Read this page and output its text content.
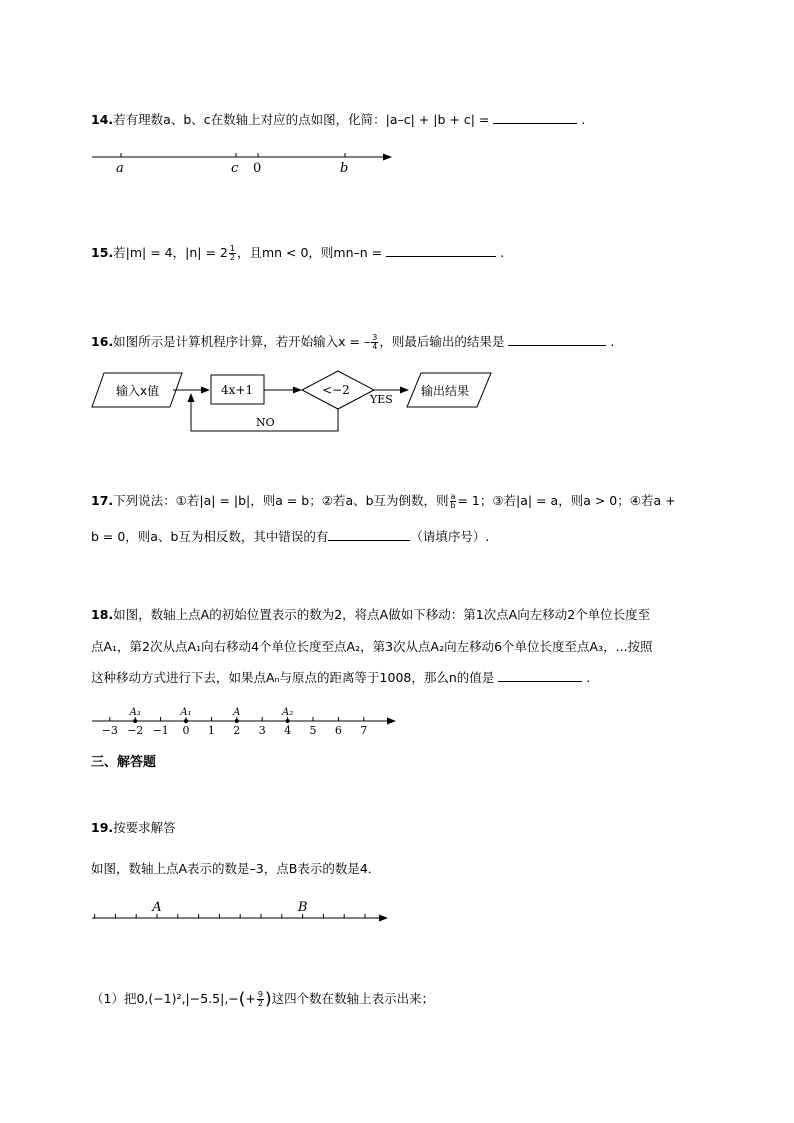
14.若有理数a、b、c在数轴上对应的点如图，化简：|a–c| + |b + c| =	.
a	c 0	b
15.若|m| = 4，$|n| = 2 \frac{1}{2}$ ，且mn < 0，则mn–n =	.
16.如图所示是计算机程序计算，若开始输入x = – $\frac{3}{4}$ ，则最后输出的结果是	.
输入x值	4x+1	<−2
YES
输出结果
NO
17.下列说法：①若|a| = |b|，则a = b；②若a、b互为倒数，则 $\frac{a}{b} = 1$；③若|a| = a，则a > 0；④若a +
b = 0，则a、b互为相反数，其中错误的有	（请填序号）.
18.如图，数轴上点A的初始位置表示的数为2，将点A做如下移动：第1次点A向左移动2个单位长度至
点A₁，第2次从点A₁向右移动4个单位长度至点A₂，第3次从点A₂向左移动6个单位长度至点A₃，...按照
这种移动方式进行下去，如果点Aₙ与原点的距离等于1008，那么n的值是	.
−3 −2 −1 0 1 2 3 4 5 6 7
A₃	A₁	A	A₂
三、解答题
19.按要求解答
如图，数轴上点A表示的数是–3，点B表示的数是4．
A	B
（1）把$0,(-1)^2,|-5.5|,-(+ \frac{9}{2}$ )这四个数在数轴上表示出来；
